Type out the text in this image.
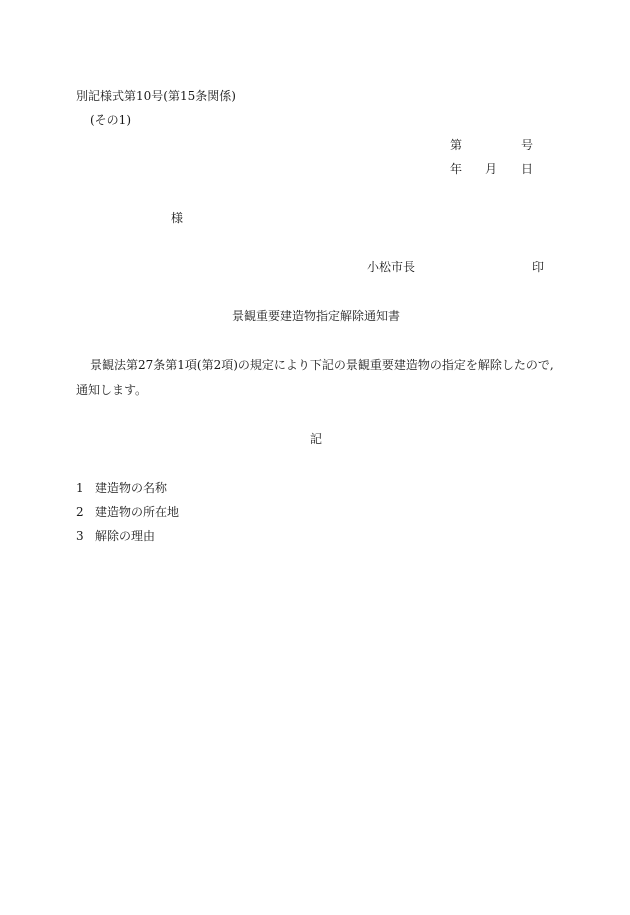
別記様式第10号(第15条関係)
(その1)
第	号
年 月 日
様
小松市長	印
景観重要建造物指定解除通知書
景観法第27条第1項(第2項)の規定により下記の景観重要建造物の指定を解除したので,
通知します。
記
1 建造物の名称
2 建造物の所在地
3 解除の理由
